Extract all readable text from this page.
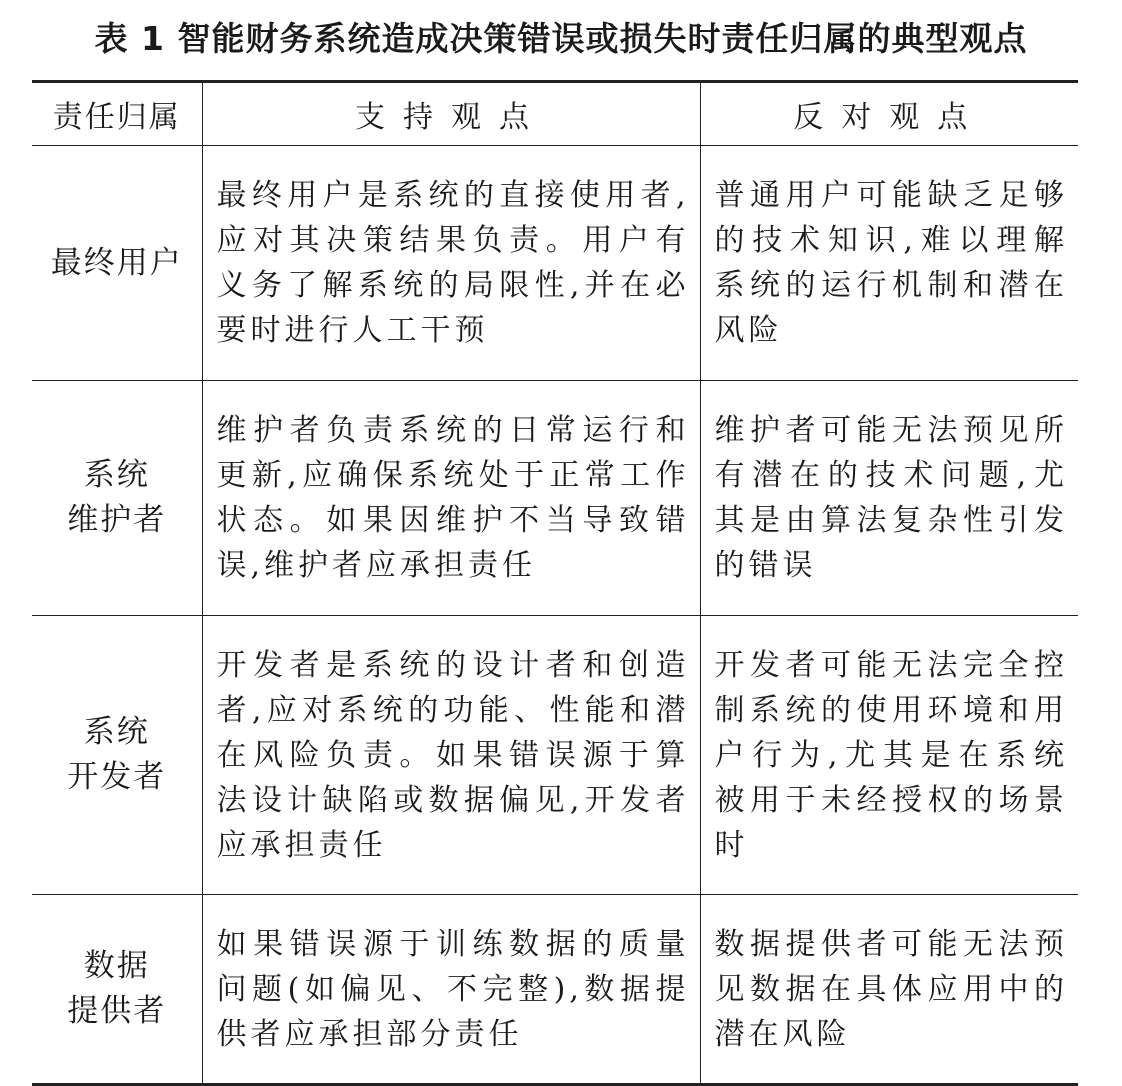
表 1 智能财务系统造成决策错误或损失时责任归属的典型观点
责任归属	支持观点	反对观点

最终用户	最终用户是系统的直接使用者,应对其决策结果负责。用户有义务了解系统的局限性,并在必要时进行人工干预	普通用户可能缺乏足够的技术知识,难以理解系统的运行机制和潜在风险

系统
维护者	维护者负责系统的日常运行和更新,应确保系统处于正常工作状态。如果因维护不当导致错误,维护者应承担责任	维护者可能无法预见所有潜在的技术问题,尤其是由算法复杂性引发的错误

系统
开发者	开发者是系统的设计者和创造者,应对系统的功能、性能和潜在风险负责。如果错误源于算法设计缺陷或数据偏见,开发者应承担责任	开发者可能无法完全控制系统的使用环境和用户行为,尤其是在系统被用于未经授权的场景时

数据
提供者	如果错误源于训练数据的质量问题(如偏见、不完整),数据提供者应承担部分责任	数据提供者可能无法预见数据在具体应用中的潜在风险
